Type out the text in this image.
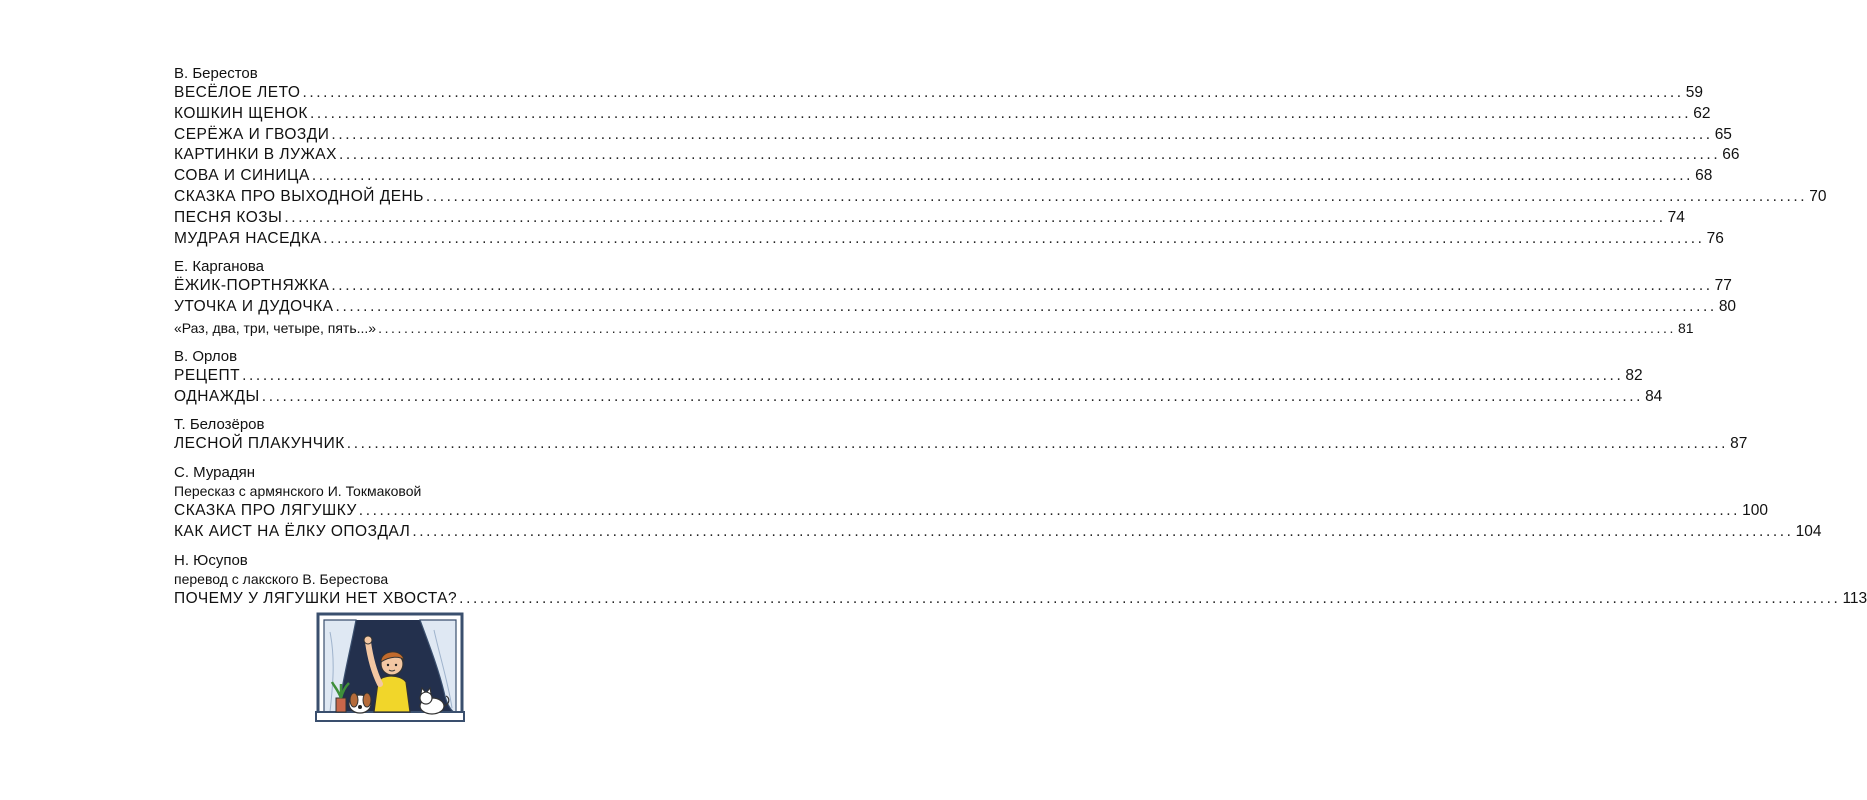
В. Берестов
ВЕСЁЛОЕ ЛЕТО ........................................................................................................................................................................................................ 59
КОШКИН ЩЕНОК ........................................................................................................................................................................................................ 62
СЕРЁЖА И ГВОЗДИ ........................................................................................................................................................................................................ 65
КАРТИНКИ В ЛУЖАХ ........................................................................................................................................................................................................ 66
СОВА И СИНИЦА ........................................................................................................................................................................................................ 68
СКАЗКА ПРО ВЫХОДНОЙ ДЕНЬ ........................................................................................................................................................................................................ 70
ПЕСНЯ КОЗЫ ........................................................................................................................................................................................................ 74
МУДРАЯ НАСЕДКА ........................................................................................................................................................................................................ 76
Е. Карганова
ЁЖИК-ПОРТНЯЖКА ........................................................................................................................................................................................................ 77
УТОЧКА И ДУДОЧКА ........................................................................................................................................................................................................ 80
«Раз, два, три, четыре, пять...» ........................................................................................................................................................................................................ 81
В. Орлов
РЕЦЕПТ ........................................................................................................................................................................................................ 82
ОДНАЖДЫ ........................................................................................................................................................................................................ 84
Т. Белозёров
ЛЕСНОЙ ПЛАКУНЧИК ........................................................................................................................................................................................................ 87
С. Мурадян
Пересказ с армянского И. Токмаковой
СКАЗКА ПРО ЛЯГУШКУ ........................................................................................................................................................................................................ 100
КАК АИСТ НА ЁЛКУ ОПОЗДАЛ ........................................................................................................................................................................................................ 104
Н. Юсупов
перевод с лакского В. Берестова
ПОЧЕМУ У ЛЯГУШКИ НЕТ ХВОСТА? ........................................................................................................................................................................................................ 113
